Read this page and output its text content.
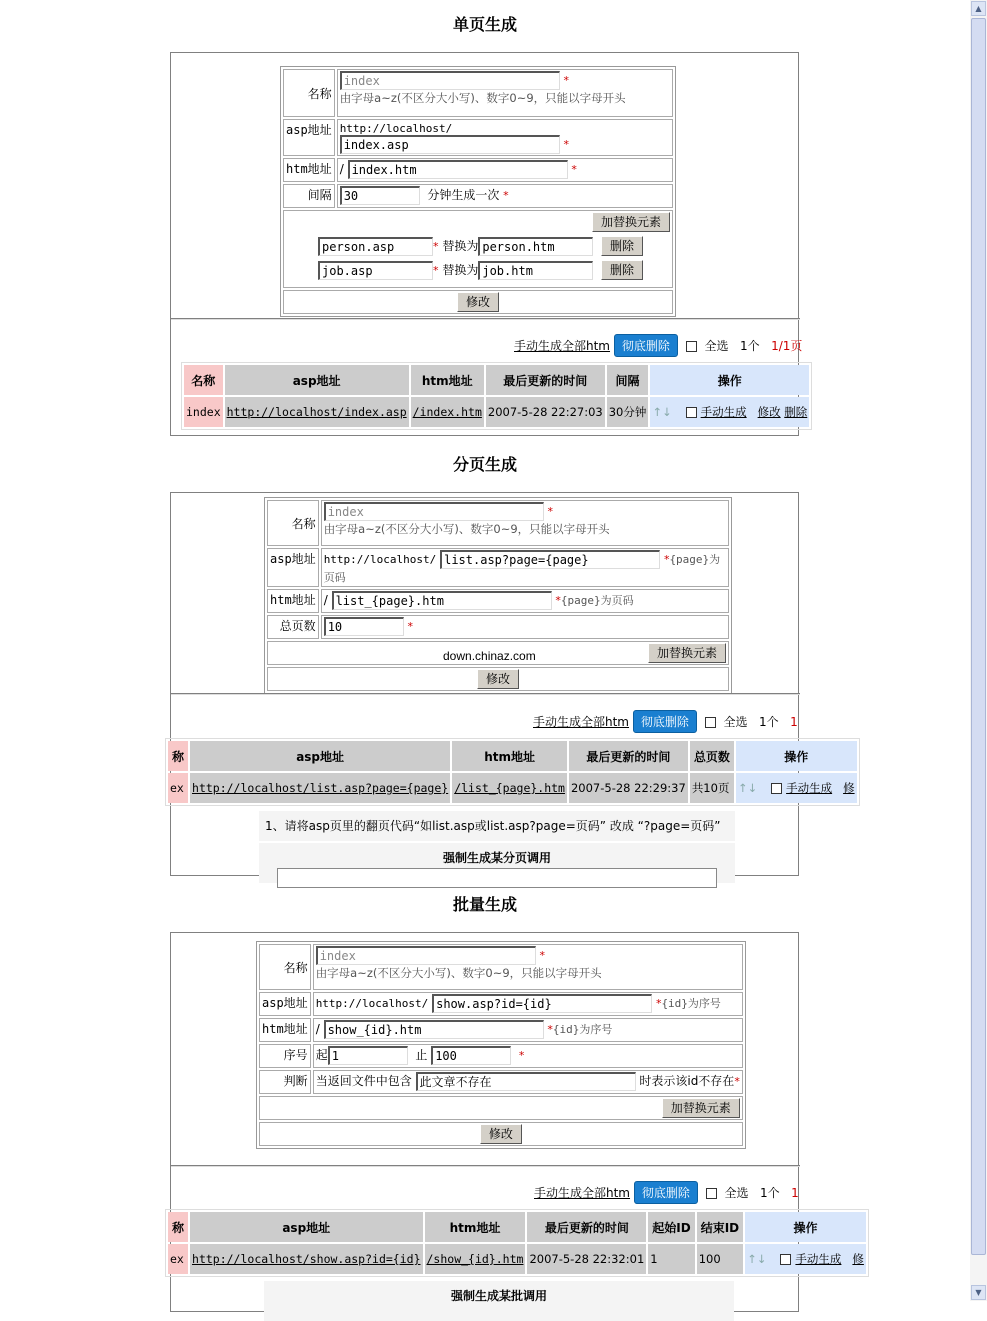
单页生成
名称	index *
由字母a~z(不区分大小写)、数字0~9，只能以字母开头
asp地址	http://localhost/ index.asp *
htm地址	/ index.htm *
间隔	30 分钟生成一次 *

加替换元素
person.asp * 替换为 person.htm 删除
job.asp * 替换为 job.htm 删除	

修改	
手动生成全部htm 彻底删除	全选 1个 1/1页
名称	asp地址	htm地址	最后更新的时间	间隔	操作
index	http://localhost/index.asp	/index.htm	2007-5-28 22:27:03	30分钟	↑↓ 手动生成 修改 删除
分页生成
名称	index *
由字母a~z(不区分大小写)、数字0~9，只能以字母开头
asp地址	http://localhost/ list.asp?page={page} *{page}为页码
htm地址	/ list_{page}.htm *{page}为页码
总页数	10 *

down.chinaz.com 加替换元素	
修改	
手动生成全部htm 彻底删除	全选 1个 1
称	asp地址	htm地址	最后更新的时间	总页数	操作
ex	http://localhost/list.asp?page={page}	/list_{page}.htm	2007-5-28 22:29:37	共10页	↑↓ 手动生成 修
1、请将asp页里的翻页代码“如list.asp或list.asp?page=页码” 改成 “?page=页码”
强制生成某分页调用
批量生成
名称	index *
由字母a~z(不区分大小写)、数字0~9，只能以字母开头
asp地址	http://localhost/ show.asp?id={id} *{id}为序号
htm地址	/ show_{id}.htm *{id}为序号
序号	起 1 止 100 *
判断	当返回文件中包含 此文章不存在 时表示该id不存在*
加替换元素	
修改	
手动生成全部htm 彻底删除	全选 1个 1
称	asp地址	htm地址	最后更新的时间	起始ID	结束ID	操作
ex	http://localhost/show.asp?id={id}	/show_{id}.htm	2007-5-28 22:32:01	1	100	↑↓ 手动生成 修
强制生成某批调用
▲
▼
